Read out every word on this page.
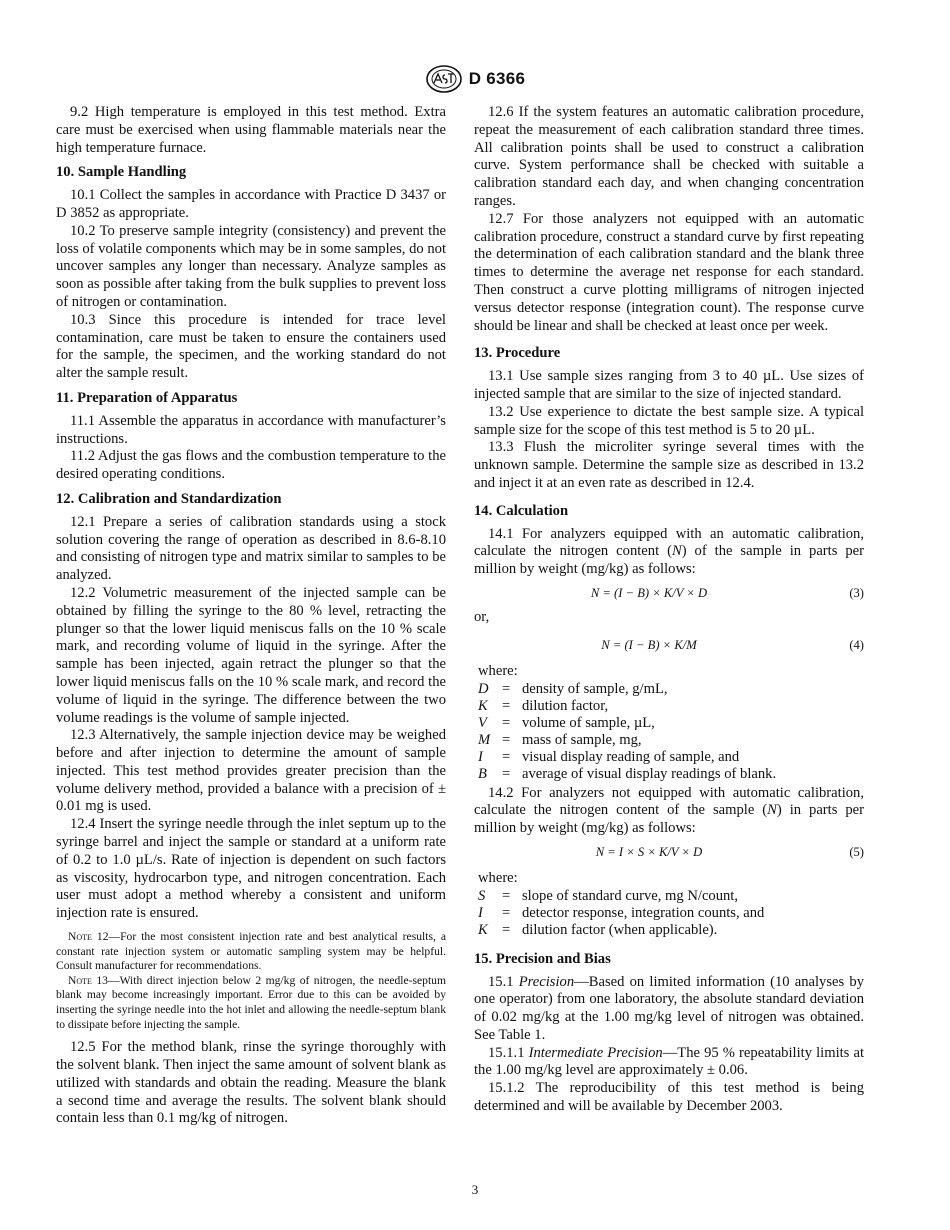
D 6366

9.2 High temperature is employed in this test method. Extra care must be exercised when using flammable materials near the high temperature furnace.

10. Sample Handling

10.1 Collect the samples in accordance with Practice D 3437 or D 3852 as appropriate.

10.2 To preserve sample integrity (consistency) and prevent the loss of volatile components which may be in some samples, do not uncover samples any longer than necessary. Analyze samples as soon as possible after taking from the bulk supplies to prevent loss of nitrogen or contamination.

10.3 Since this procedure is intended for trace level contamination, care must be taken to ensure the containers used for the sample, the specimen, and the working standard do not alter the sample result.

11. Preparation of Apparatus

11.1 Assemble the apparatus in accordance with manufacturer’s instructions.

11.2 Adjust the gas flows and the combustion temperature to the desired operating conditions.

12. Calibration and Standardization

12.1 Prepare a series of calibration standards using a stock solution covering the range of operation as described in 8.6-8.10 and consisting of nitrogen type and matrix similar to samples to be analyzed.

12.2 Volumetric measurement of the injected sample can be obtained by filling the syringe to the 80 % level, retracting the plunger so that the lower liquid meniscus falls on the 10 % scale mark, and recording volume of liquid in the syringe. After the sample has been injected, again retract the plunger so that the lower liquid meniscus falls on the 10 % scale mark, and record the volume of liquid in the syringe. The difference between the two volume readings is the volume of sample injected.

12.3 Alternatively, the sample injection device may be weighed before and after injection to determine the amount of sample injected. This test method provides greater precision than the volume delivery method, provided a balance with a precision of ± 0.01 mg is used.

12.4 Insert the syringe needle through the inlet septum up to the syringe barrel and inject the sample or standard at a uniform rate of 0.2 to 1.0 µL/s. Rate of injection is dependent on such factors as viscosity, hydrocarbon type, and nitrogen concentration. Each user must adopt a method whereby a consistent and uniform injection rate is ensured.

Note 12—For the most consistent injection rate and best analytical results, a constant rate injection system or automatic sampling system may be helpful. Consult manufacturer for recommendations.

Note 13—With direct injection below 2 mg/kg of nitrogen, the needle-septum blank may become increasingly important. Error due to this can be avoided by inserting the syringe needle into the hot inlet and allowing the needle-septum blank to dissipate before injecting the sample.

12.5 For the method blank, rinse the syringe thoroughly with the solvent blank. Then inject the same amount of solvent blank as utilized with standards and obtain the reading. Measure the blank a second time and average the results. The solvent blank should contain less than 0.1 mg/kg of nitrogen.

12.6 If the system features an automatic calibration procedure, repeat the measurement of each calibration standard three times. All calibration points shall be used to construct a calibration curve. System performance shall be checked with suitable a calibration standard each day, and when changing concentration ranges.

12.7 For those analyzers not equipped with an automatic calibration procedure, construct a standard curve by first repeating the determination of each calibration standard and the blank three times to determine the average net response for each standard. Then construct a curve plotting milligrams of nitrogen injected versus detector response (integration count). The response curve should be linear and shall be checked at least once per week.

13. Procedure

13.1 Use sample sizes ranging from 3 to 40 µL. Use sizes of injected sample that are similar to the size of injected standard.

13.2 Use experience to dictate the best sample size. A typical sample size for the scope of this test method is 5 to 20 µL.

13.3 Flush the microliter syringe several times with the unknown sample. Determine the sample size as described in 13.2 and inject it at an even rate as described in 12.4.

14. Calculation

14.1 For analyzers equipped with an automatic calibration, calculate the nitrogen content (N) of the sample in parts per million by weight (mg/kg) as follows:

N = (I − B) × K/V × D	(3)

or,

N = (I − B) × K/M	(4)

where:

D	=	density of sample, g/mL,
K	=	dilution factor,
V	=	volume of sample, µL,
M	=	mass of sample, mg,
I	=	visual display reading of sample, and
B	=	average of visual display readings of blank.

14.2 For analyzers not equipped with automatic calibration, calculate the nitrogen content of the sample (N) in parts per million by weight (mg/kg) as follows:

N = I × S × K/V × D	(5)

where:

S	=	slope of standard curve, mg N/count,
I	=	detector response, integration counts, and
K	=	dilution factor (when applicable).
15. Precision and Bias

15.1 Precision—Based on limited information (10 analyses by one operator) from one laboratory, the absolute standard deviation of 0.02 mg/kg at the 1.00 mg/kg level of nitrogen was obtained. See Table 1.

15.1.1 Intermediate Precision—The 95 % repeatability limits at the 1.00 mg/kg level are approximately ± 0.06.

15.1.2 The reproducibility of this test method is being determined and will be available by December 2003.

3
